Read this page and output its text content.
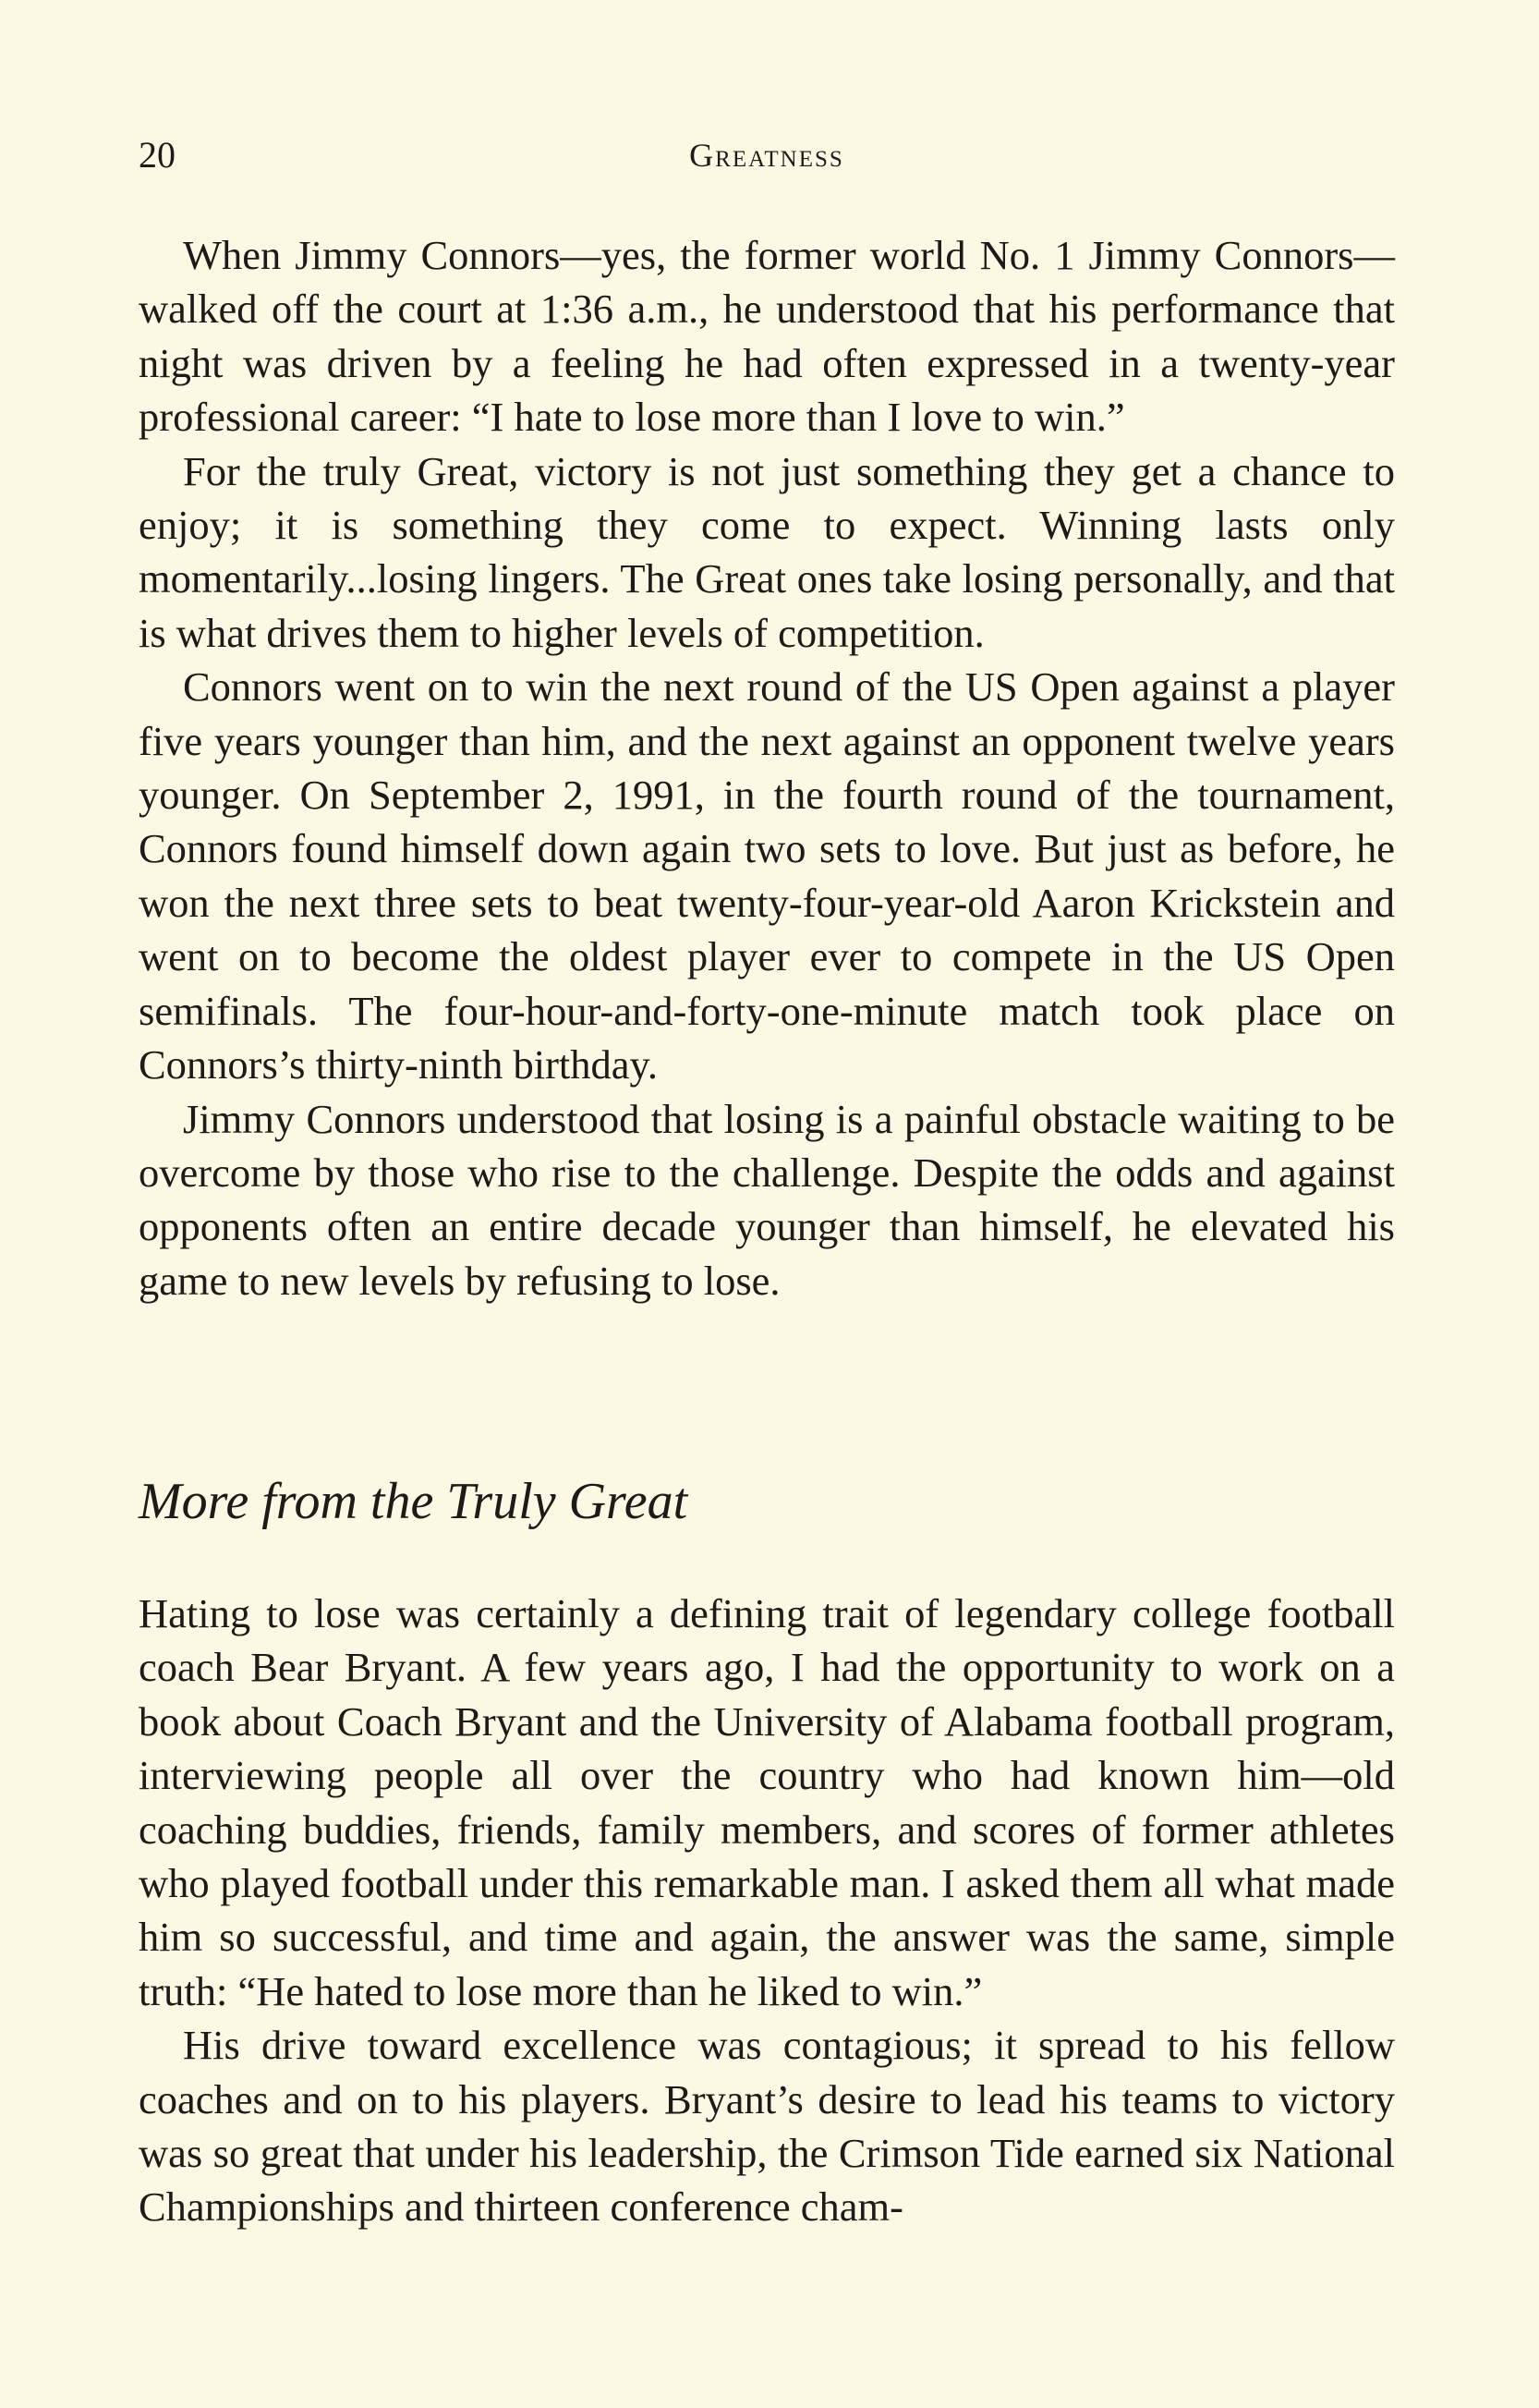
20	Greatness

When Jimmy Connors—yes, the former world No. 1 Jimmy Connors—walked off the court at 1:36 a.m., he understood that his performance that night was driven by a feeling he had often expressed in a twenty-year professional career: “I hate to lose more than I love to win.”

For the truly Great, victory is not just something they get a chance to enjoy; it is something they come to expect. Winning lasts only momentarily...losing lingers. The Great ones take losing personally, and that is what drives them to higher levels of competition.

Connors went on to win the next round of the US Open against a player five years younger than him, and the next against an opponent twelve years younger. On September 2, 1991, in the fourth round of the tournament, Connors found himself down again two sets to love. But just as before, he won the next three sets to beat twenty-four-year-old Aaron Krickstein and went on to become the oldest player ever to compete in the US Open semifinals. The four-hour-and-forty-one-minute match took place on Connors’s thirty-ninth birthday.

Jimmy Connors understood that losing is a painful obstacle waiting to be overcome by those who rise to the challenge. Despite the odds and against opponents often an entire decade younger than himself, he elevated his game to new levels by refusing to lose.

More from the Truly Great

Hating to lose was certainly a defining trait of legendary college football coach Bear Bryant. A few years ago, I had the opportunity to work on a book about Coach Bryant and the University of Alabama football program, interviewing people all over the country who had known him—old coaching buddies, friends, family members, and scores of former athletes who played football under this remarkable man. I asked them all what made him so successful, and time and again, the answer was the same, simple truth: “He hated to lose more than he liked to win.”

His drive toward excellence was contagious; it spread to his fellow coaches and on to his players. Bryant’s desire to lead his teams to victory was so great that under his leadership, the Crimson Tide earned six National Championships and thirteen conference cham-
